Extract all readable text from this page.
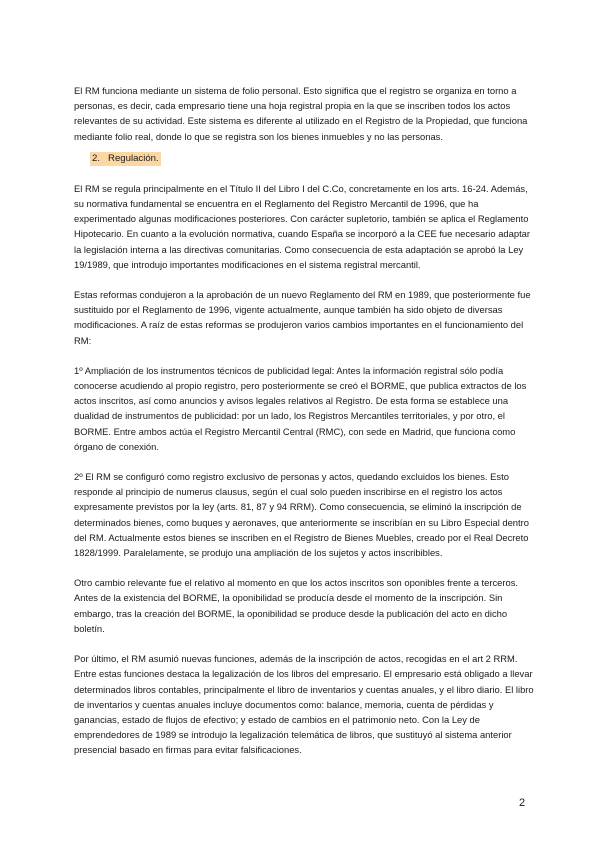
El RM funciona mediante un sistema de folio personal. Esto significa que el registro se organiza en torno a personas, es decir, cada empresario tiene una hoja registral propia en la que se inscriben todos los actos relevantes de su actividad. Este sistema es diferente al utilizado en el Registro de la Propiedad, que funciona mediante folio real, donde lo que se registra son los bienes inmuebles y no las personas.

2. Regulación.

El RM se regula principalmente en el Título II del Libro I del C.Co, concretamente en los arts. 16-24. Además, su normativa fundamental se encuentra en el Reglamento del Registro Mercantil de 1996, que ha experimentado algunas modificaciones posteriores. Con carácter supletorio, también se aplica el Reglamento Hipotecario. En cuanto a la evolución normativa, cuando España se incorporó a la CEE fue necesario adaptar la legislación interna a las directivas comunitarias. Como consecuencia de esta adaptación se aprobó la Ley 19/1989, que introdujo importantes modificaciones en el sistema registral mercantil.

Estas reformas condujeron a la aprobación de un nuevo Reglamento del RM en 1989, que posteriormente fue sustituido por el Reglamento de 1996, vigente actualmente, aunque también ha sido objeto de diversas modificaciones. A raíz de estas reformas se produjeron varios cambios importantes en el funcionamiento del RM:

1º Ampliación de los instrumentos técnicos de publicidad legal: Antes la información registral sólo podía conocerse acudiendo al propio registro, pero posteriormente se creó el BORME, que publica extractos de los actos inscritos, así como anuncios y avisos legales relativos al Registro. De esta forma se establece una dualidad de instrumentos de publicidad: por un lado, los Registros Mercantiles territoriales, y por otro, el BORME. Entre ambos actúa el Registro Mercantil Central (RMC), con sede en Madrid, que funciona como órgano de conexión.

2º El RM se configuró como registro exclusivo de personas y actos, quedando excluidos los bienes. Esto responde al principio de numerus clausus, según el cual solo pueden inscribirse en el registro los actos expresamente previstos por la ley (arts. 81, 87 y 94 RRM). Como consecuencia, se eliminó la inscripción de determinados bienes, como buques y aeronaves, que anteriormente se inscribían en su Libro Especial dentro del RM. Actualmente estos bienes se inscriben en el Registro de Bienes Muebles, creado por el Real Decreto 1828/1999. Paralelamente, se produjo una ampliación de los sujetos y actos inscribibles.

Otro cambio relevante fue el relativo al momento en que los actos inscritos son oponibles frente a terceros. Antes de la existencia del BORME, la oponibilidad se producía desde el momento de la inscripción. Sin embargo, tras la creación del BORME, la oponibilidad se produce desde la publicación del acto en dicho boletín.

Por último, el RM asumió nuevas funciones, además de la inscripción de actos, recogidas en el art 2 RRM. Entre estas funciones destaca la legalización de los libros del empresario. El empresario está obligado a llevar determinados libros contables, principalmente el libro de inventarios y cuentas anuales, y el libro diario. El libro de inventarios y cuentas anuales incluye documentos como: balance, memoria, cuenta de pérdidas y ganancias, estado de flujos de efectivo; y estado de cambios en el patrimonio neto. Con la Ley de emprendedores de 1989 se introdujo la legalización telemática de libros, que sustituyó al sistema anterior presencial basado en firmas para evitar falsificaciones.

2
